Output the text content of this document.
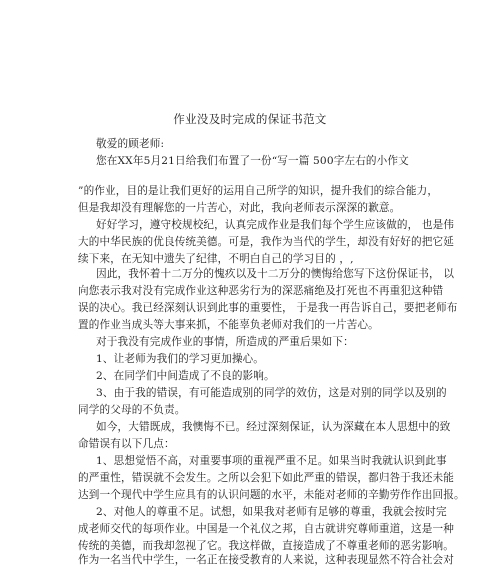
作业没及时完成的保证书范文
敬爱的顾老师:
您在XX年5月21日给我们布置了一份“写一篇 500字左右的小作文
”的作业，目的是让我们更好的运用自己所学的知识，提升我们的综合能力，
但是我却没有理解您的一片苦心，对此，我向老师表示深深的歉意。
好好学习，遵守校规校纪，认真完成作业是我们每个学生应该做的， 也是伟
大的中华民族的优良传统美德。可是，我作为当代的学生，却没有好好的把它延
续下来，在无知中遗失了纪律，不明白自己的学习目的 ，,
因此，我怀着十二万分的愧疚以及十二万分的懊悔给您写下这份保证书， 以
向您表示我对没有完成作业这种恶劣行为的深恶痛绝及打死也不再重犯这种错
误的决心。我已经深刻认识到此事的重要性， 于是我一再告诉自己，要把老师布
置的作业当成头等大事来抓，不能辜负老师对我们的一片苦心。
对于我没有完成作业的事情，所造成的严重后果如下：
1、让老师为我们的学习更加操心。
2、在同学们中间造成了不良的影响。
3、由于我的错误，有可能造成别的同学的效仿，这是对别的同学以及别的
同学的父母的不负责。
如今，大错既成，我懊悔不已。经过深刻保证，认为深藏在本人思想中的致
命错误有以下几点：
1、思想觉悟不高，对重要事项的重视严重不足。如果当时我就认识到此事
的严重性，错误就不会发生。之所以会犯下如此严重的错误，都归咎于我还未能
达到一个现代中学生应具有的认识问题的水平，未能对老师的辛勤劳作作出回报。
2、对他人的尊重不足。试想，如果我对老师有足够的尊重，我就会按时完
成老师交代的每项作业。中国是一个礼仪之邦，自古就讲究尊师重道，这是一种
传统的美德，而我却忽视了它。我这样做，直接造成了不尊重老师的恶劣影响。
作为一名当代中学生，一名正在接受教育的人来说，这种表现显然不符合社会对
